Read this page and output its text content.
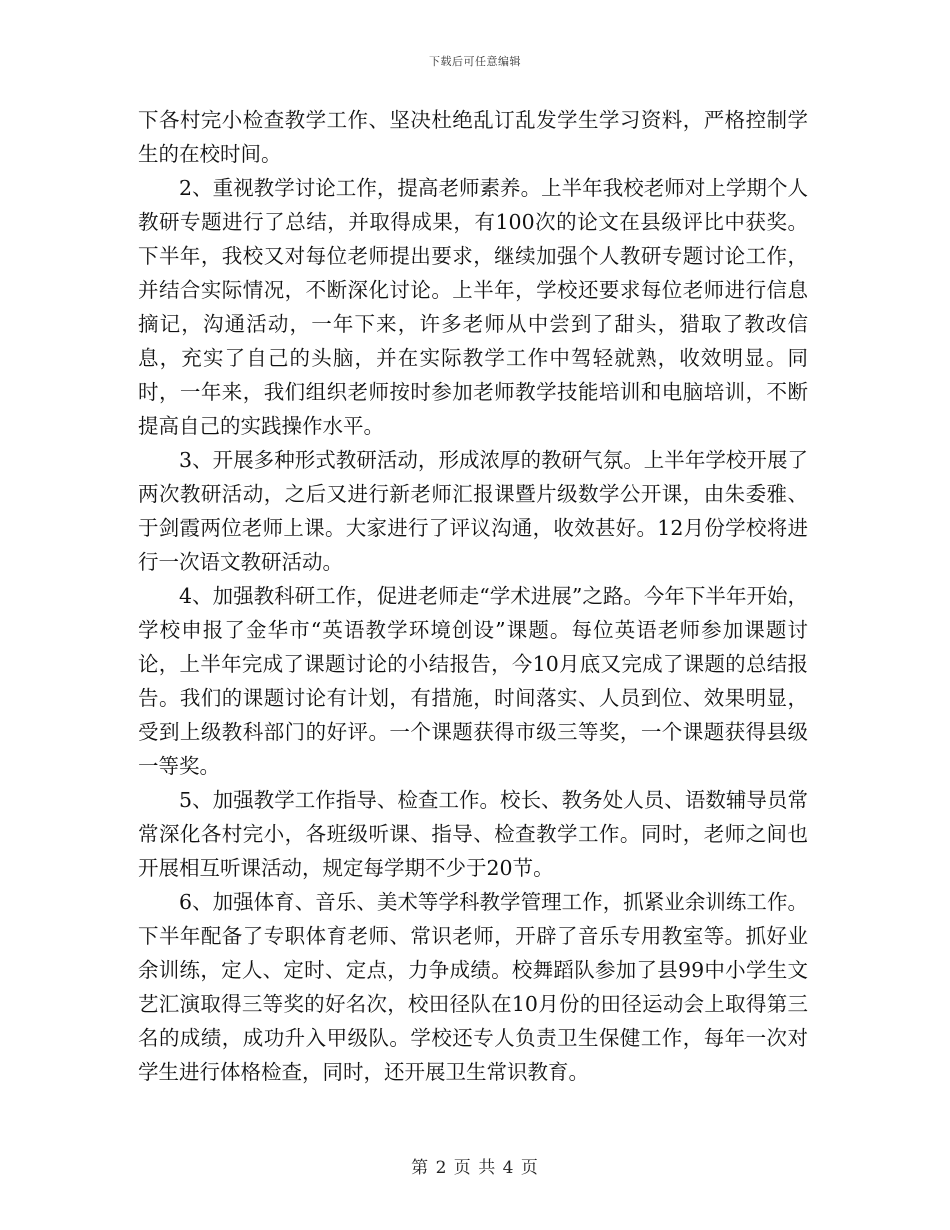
下载后可任意编辑

下各村完小检查教学工作、坚决杜绝乱订乱发学生学习资料，严格控制学生的在校时间。

2、重视教学讨论工作，提高老师素养。上半年我校老师对上学期个人教研专题进行了总结，并取得成果，有100次的论文在县级评比中获奖。下半年，我校又对每位老师提出要求，继续加强个人教研专题讨论工作，并结合实际情况，不断深化讨论。上半年，学校还要求每位老师进行信息摘记，沟通活动，一年下来，许多老师从中尝到了甜头，猎取了教改信息，充实了自己的头脑，并在实际教学工作中驾轻就熟，收效明显。同时，一年来，我们组织老师按时参加老师教学技能培训和电脑培训，不断提高自己的实践操作水平。

3、开展多种形式教研活动，形成浓厚的教研气氛。上半年学校开展了两次教研活动，之后又进行新老师汇报课暨片级数学公开课，由朱委雅、于剑霞两位老师上课。大家进行了评议沟通，收效甚好。12月份学校将进行一次语文教研活动。

4、加强教科研工作，促进老师走“学术进展”之路。今年下半年开始，学校申报了金华市“英语教学环境创设”课题。每位英语老师参加课题讨论，上半年完成了课题讨论的小结报告，今10月底又完成了课题的总结报告。我们的课题讨论有计划，有措施，时间落实、人员到位、效果明显，受到上级教科部门的好评。一个课题获得市级三等奖，一个课题获得县级一等奖。

5、加强教学工作指导、检查工作。校长、教务处人员、语数辅导员常常深化各村完小，各班级听课、指导、检查教学工作。同时，老师之间也开展相互听课活动，规定每学期不少于20节。

6、加强体育、音乐、美术等学科教学管理工作，抓紧业余训练工作。下半年配备了专职体育老师、常识老师，开辟了音乐专用教室等。抓好业余训练，定人、定时、定点，力争成绩。校舞蹈队参加了县99中小学生文艺汇演取得三等奖的好名次，校田径队在10月份的田径运动会上取得第三名的成绩，成功升入甲级队。学校还专人负责卫生保健工作，每年一次对学生进行体格检查，同时，还开展卫生常识教育。

第 2 页 共 4 页
